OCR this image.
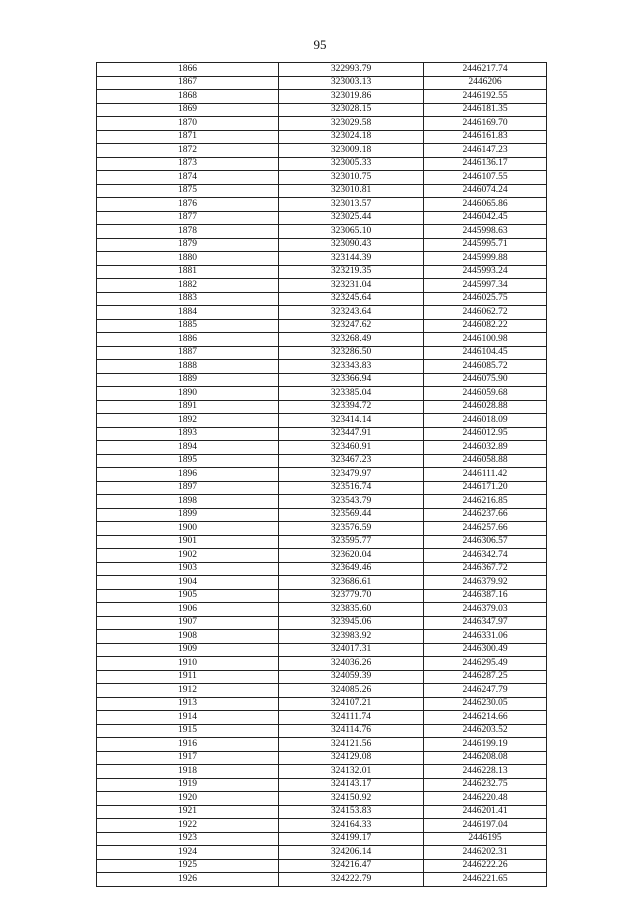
95
1866	322993.79	2446217.74
1867	323003.13	2446206
1868	323019.86	2446192.55
1869	323028.15	2446181.35
1870	323029.58	2446169.70
1871	323024.18	2446161.83
1872	323009.18	2446147.23
1873	323005.33	2446136.17
1874	323010.75	2446107.55
1875	323010.81	2446074.24
1876	323013.57	2446065.86
1877	323025.44	2446042.45
1878	323065.10	2445998.63
1879	323090.43	2445995.71
1880	323144.39	2445999.88
1881	323219.35	2445993.24
1882	323231.04	2445997.34
1883	323245.64	2446025.75
1884	323243.64	2446062.72
1885	323247.62	2446082.22
1886	323268.49	2446100.98
1887	323286.50	2446104.45
1888	323343.83	2446085.72
1889	323366.94	2446075.90
1890	323385.04	2446059.68
1891	323394.72	2446028.88
1892	323414.14	2446018.09
1893	323447.91	2446012.95
1894	323460.91	2446032.89
1895	323467.23	2446058.88
1896	323479.97	2446111.42
1897	323516.74	2446171.20
1898	323543.79	2446216.85
1899	323569.44	2446237.66
1900	323576.59	2446257.66
1901	323595.77	2446306.57
1902	323620.04	2446342.74
1903	323649.46	2446367.72
1904	323686.61	2446379.92
1905	323779.70	2446387.16
1906	323835.60	2446379.03
1907	323945.06	2446347.97
1908	323983.92	2446331.06
1909	324017.31	2446300.49
1910	324036.26	2446295.49
1911	324059.39	2446287.25
1912	324085.26	2446247.79
1913	324107.21	2446230.05
1914	324111.74	2446214.66
1915	324114.76	2446203.52
1916	324121.56	2446199.19
1917	324129.08	2446208.08
1918	324132.01	2446228.13
1919	324143.17	2446232.75
1920	324150.92	2446220.48
1921	324153.83	2446201.41
1922	324164.33	2446197.04
1923	324199.17	2446195
1924	324206.14	2446202.31
1925	324216.47	2446222.26
1926	324222.79	2446221.65
